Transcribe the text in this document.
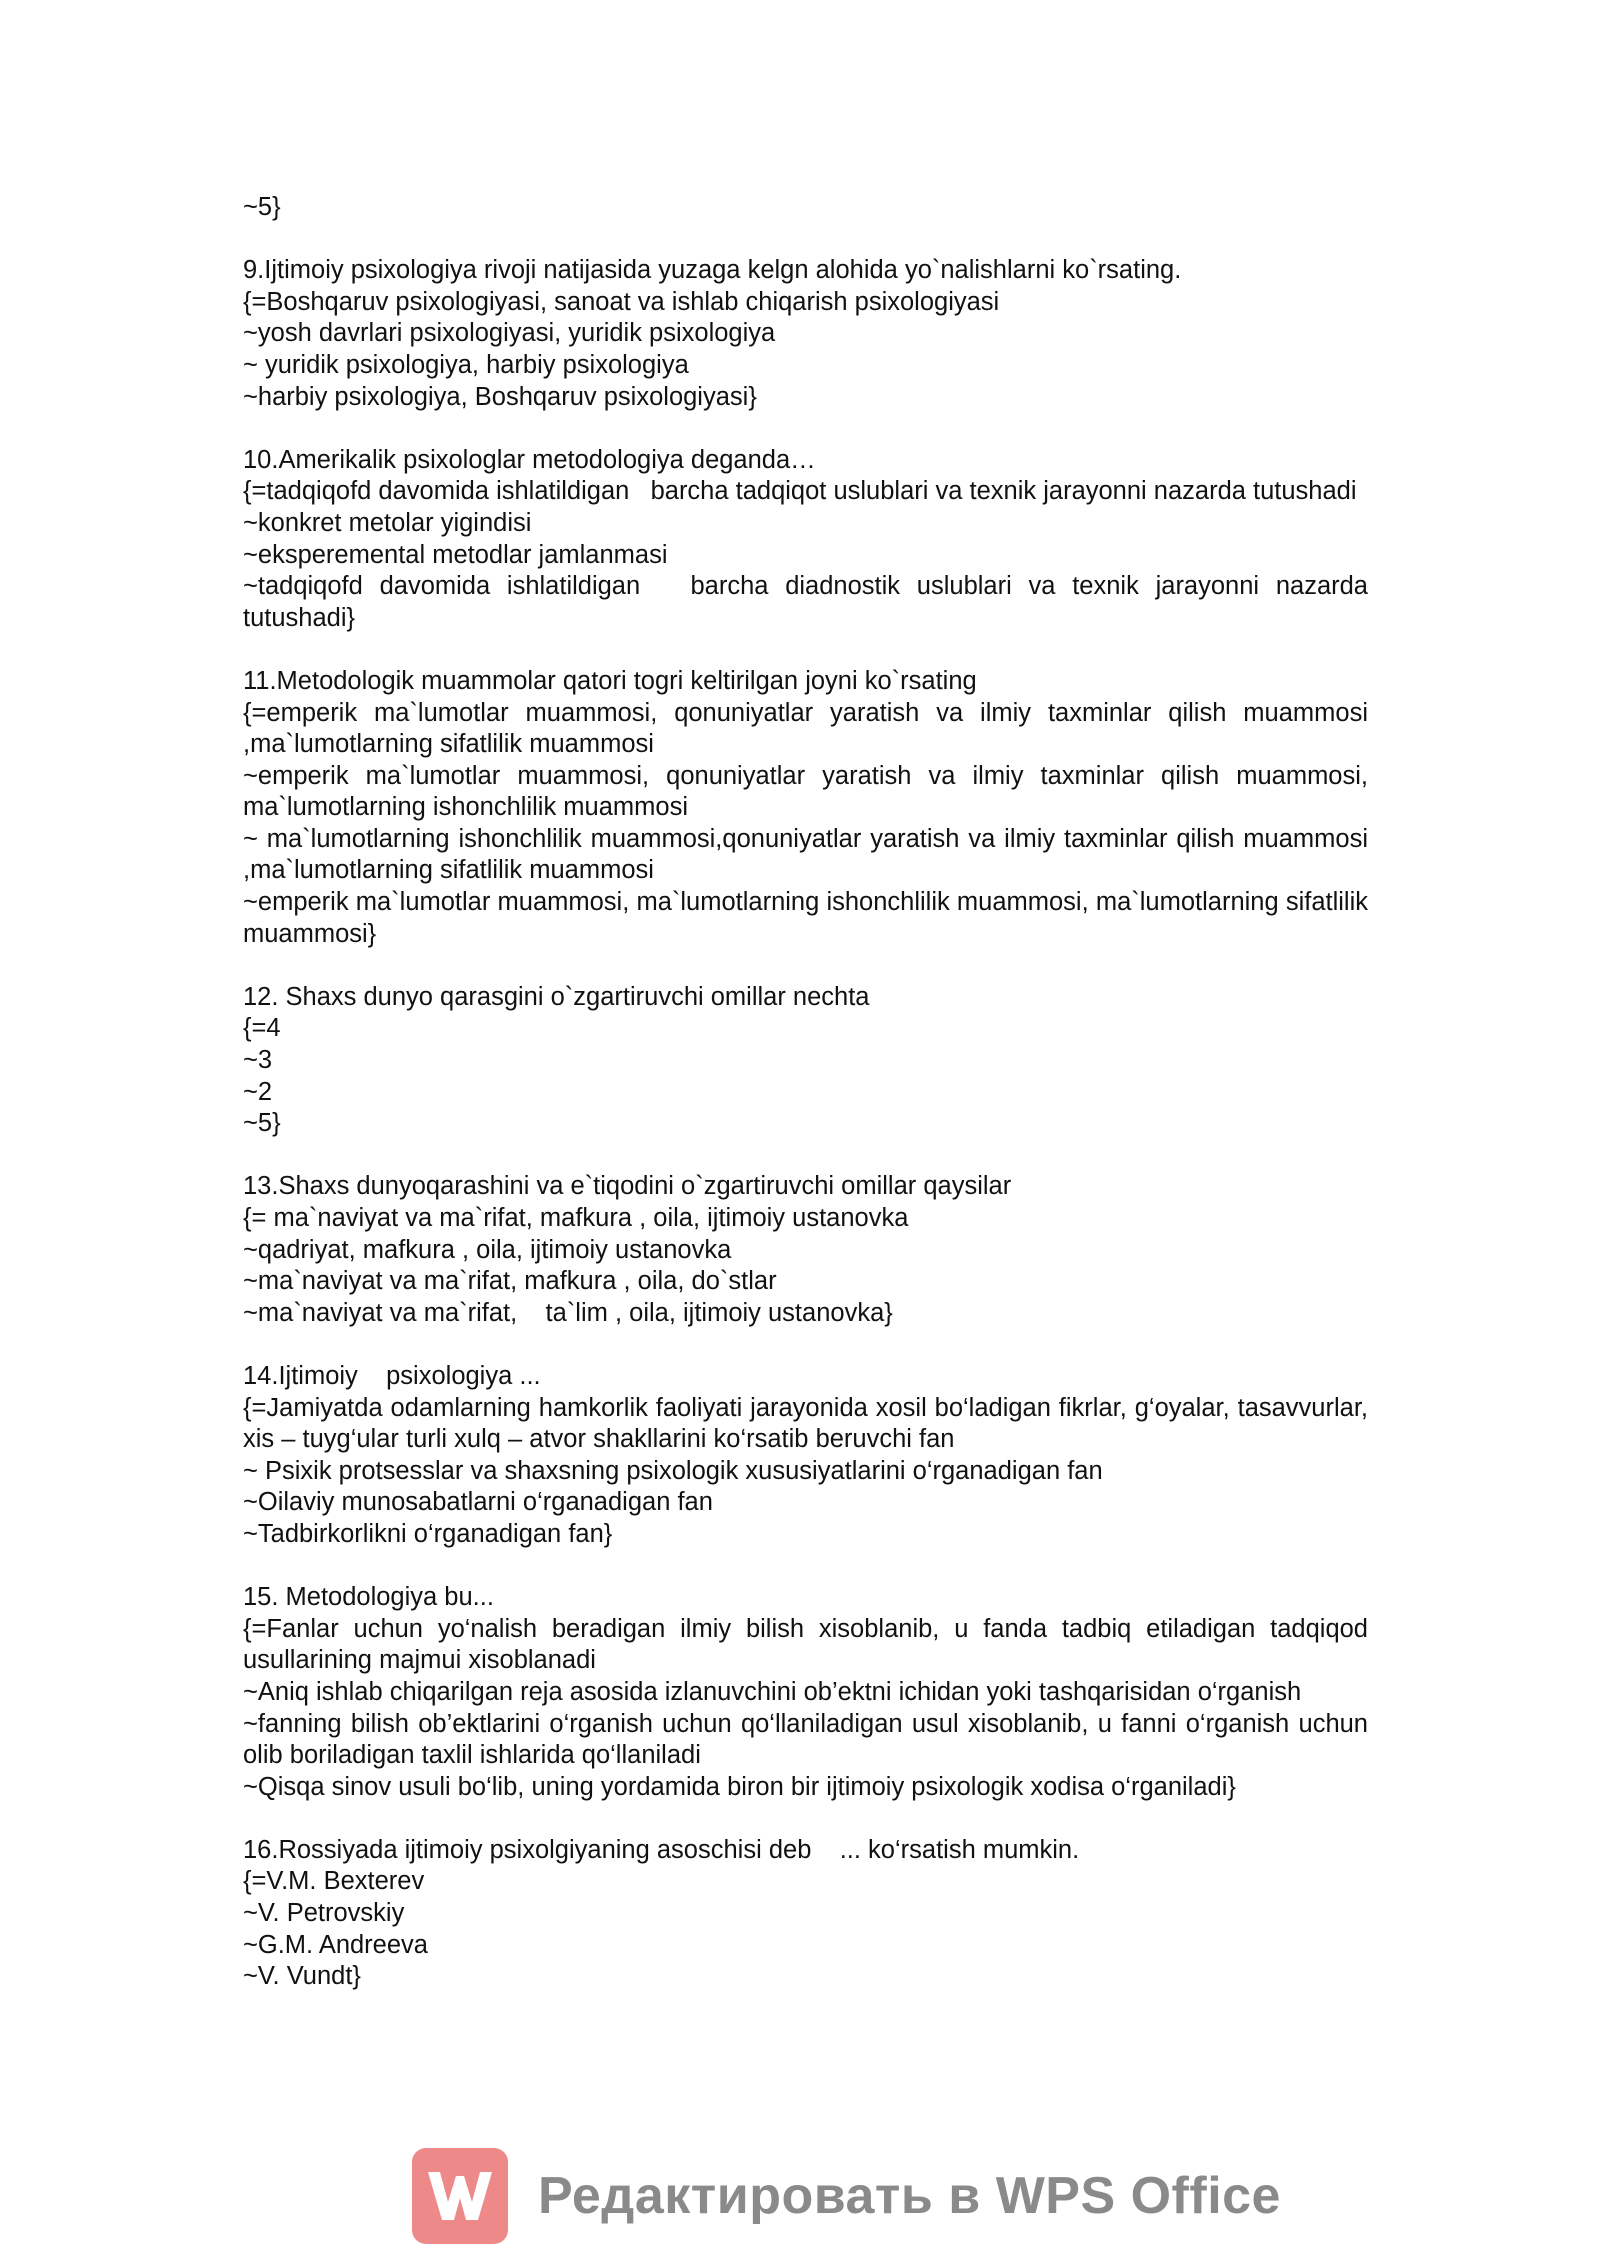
~5}
9.Ijtimoiy psixologiya rivoji natijasida yuzaga kelgn alohida yo`nalishlarni ko`rsating.
{=Boshqaruv psixologiyasi, sanoat va ishlab chiqarish psixologiyasi
~yosh davrlari psixologiyasi, yuridik psixologiya
~ yuridik psixologiya, harbiy psixologiya
~harbiy psixologiya, Boshqaruv psixologiyasi}
10.Amerikalik psixologlar metodologiya deganda…
{=tadqiqofd davomida ishlatildigan   barcha tadqiqot uslublari va texnik jarayonni nazarda tutushadi
~konkret metolar yigindisi
~eksperemental metodlar jamlanmasi
~tadqiqofd davomida ishlatildigan   barcha diadnostik uslublari va texnik jarayonni nazarda tutushadi}
11.Metodologik muammolar qatori togri keltirilgan joyni ko`rsating
{=emperik ma`lumotlar muammosi, qonuniyatlar yaratish va ilmiy taxminlar qilish muammosi ,ma`lumotlarning sifatlilik muammosi
~emperik ma`lumotlar muammosi, qonuniyatlar yaratish va ilmiy taxminlar qilish muammosi, ma`lumotlarning ishonchlilik muammosi
~ ma`lumotlarning ishonchlilik muammosi,qonuniyatlar yaratish va ilmiy taxminlar qilish muammosi ,ma`lumotlarning sifatlilik muammosi
~emperik ma`lumotlar muammosi, ma`lumotlarning ishonchlilik muammosi, ma`lumotlarning sifatlilik muammosi}
12. Shaxs dunyo qarasgini o`zgartiruvchi omillar nechta
{=4
~3
~2
~5}
13.Shaxs dunyoqarashini va e`tiqodini o`zgartiruvchi omillar qaysilar
{= ma`naviyat va ma`rifat, mafkura , oila, ijtimoiy ustanovka
~qadriyat, mafkura , oila, ijtimoiy ustanovka
~ma`naviyat va ma`rifat, mafkura , oila, do`stlar
~ma`naviyat va ma`rifat,    ta`lim , oila, ijtimoiy ustanovka}
14.Ijtimoiy    psixologiya ...
{=Jamiyatda odamlarning hamkorlik faoliyati jarayonida xosil bo‘ladigan fikrlar, g‘oyalar, tasavvurlar, xis – tuyg‘ular turli xulq – atvor shakllarini ko‘rsatib beruvchi fan
~ Psixik protsesslar va shaxsning psixologik xususiyatlarini o‘rganadigan fan
~Oilaviy munosabatlarni o‘rganadigan fan
~Tadbirkorlikni o‘rganadigan fan}
15. Metodologiya bu...
{=Fanlar uchun yo‘nalish beradigan ilmiy bilish xisoblanib, u fanda tadbiq etiladigan tadqiqod usullarining majmui xisoblanadi
~Aniq ishlab chiqarilgan reja asosida izlanuvchini ob’ektni ichidan yoki tashqarisidan o‘rganish
~fanning bilish ob’ektlarini o‘rganish uchun qo‘llaniladigan usul xisoblanib, u fanni o‘rganish uchun olib boriladigan taxlil ishlarida qo‘llaniladi
~Qisqa sinov usuli bo‘lib, uning yordamida biron bir ijtimoiy psixologik xodisa o‘rganiladi}
16.Rossiyada ijtimoiy psixolgiyaning asoschisi deb    ... ko‘rsatish mumkin.
{=V.M. Bexterev
~V. Petrovskiy
~G.M. Andreeva
~V. Vundt}
Редактировать в WPS Office
